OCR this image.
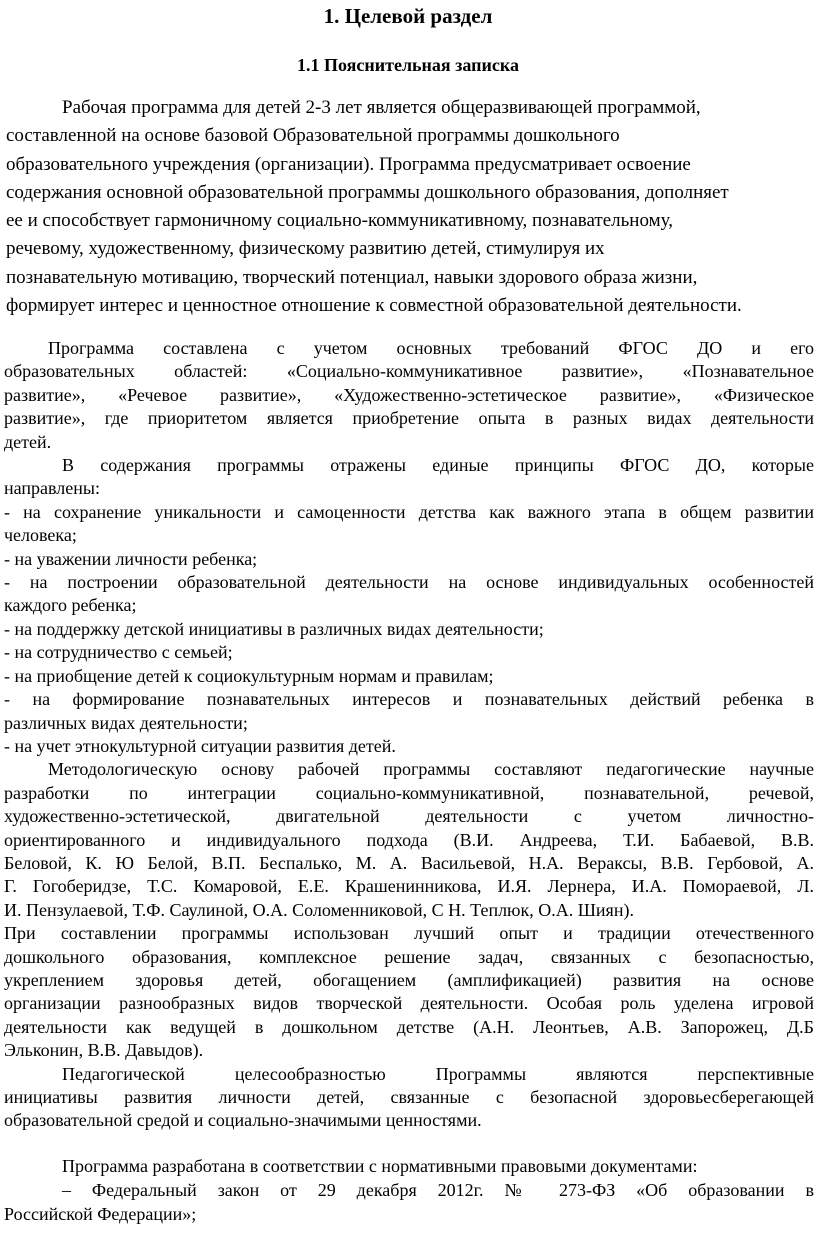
1. Целевой раздел
1.1 Пояснительная записка
Рабочая программа для детей 2-3 лет является общеразвивающей программой,
составленной на основе базовой Образовательной программы дошкольного
образовательного учреждения (организации). Программа предусматривает освоение
содержания основной образовательной программы дошкольного образования, дополняет
ее и способствует гармоничному социально-коммуникативному, познавательному,
речевому, художественному, физическому развитию детей, стимулируя их
познавательную мотивацию, творческий потенциал, навыки здорового образа жизни,
формирует интерес и ценностное отношение к совместной образовательной деятельности.
Программа составлена с учетом основных требований ФГОС ДО и его
образовательных областей: «Социально-коммуникативное развитие», «Познавательное
развитие», «Речевое развитие», «Художественно-эстетическое развитие», «Физическое
развитие», где приоритетом является приобретение опыта в разных видах деятельности
детей.
В содержания программы отражены единые принципы ФГОС ДО, которые
направлены:
- на сохранение уникальности и самоценности детства как важного этапа в общем развитии
человека;
- на уважении личности ребенка;
- на построении образовательной деятельности на основе индивидуальных особенностей
каждого ребенка;
- на поддержку детской инициативы в различных видах деятельности;
- на сотрудничество с семьей;
- на приобщение детей к социокультурным нормам и правилам;
- на формирование познавательных интересов и познавательных действий ребенка в
различных видах деятельности;
- на учет этнокультурной ситуации развития детей.
Методологическую основу рабочей программы составляют педагогические научные
разработки по интеграции социально-коммуникативной, познавательной, речевой,
художественно-эстетической, двигательной деятельности с учетом личностно-
ориентированного и индивидуального подхода (В.И. Андреева, Т.И. Бабаевой, В.В.
Беловой, К. Ю Белой, В.П. Беспалько, М. А. Васильевой, Н.А. Вераксы, В.В. Гербовой, А.
Г. Гогоберидзе, Т.С. Комаровой, Е.Е. Крашенинникова, И.Я. Лернера, И.А. Помораевой, Л.
И. Пензулаевой, Т.Ф. Саулиной, О.А. Соломенниковой, С Н. Теплюк, О.А. Шиян).
При составлении программы использован лучший опыт и традиции отечественного
дошкольного образования, комплексное решение задач, связанных с безопасностью,
укреплением здоровья детей, обогащением (амплификацией) развития на основе
организации разнообразных видов творческой деятельности. Особая роль уделена игровой
деятельности как ведущей в дошкольном детстве (А.Н. Леонтьев, А.В. Запорожец, Д.Б
Эльконин, В.В. Давыдов).
Педагогической целесообразностью Программы являются перспективные
инициативы развития личности детей, связанные с безопасной здоровьесберегающей
образовательной средой и социально-значимыми ценностями.
Программа разработана в соответствии с нормативными правовыми документами:
– Федеральный закон от 29 декабря 2012г. № 273-ФЗ «Об образовании в
Российской Федерации»;
